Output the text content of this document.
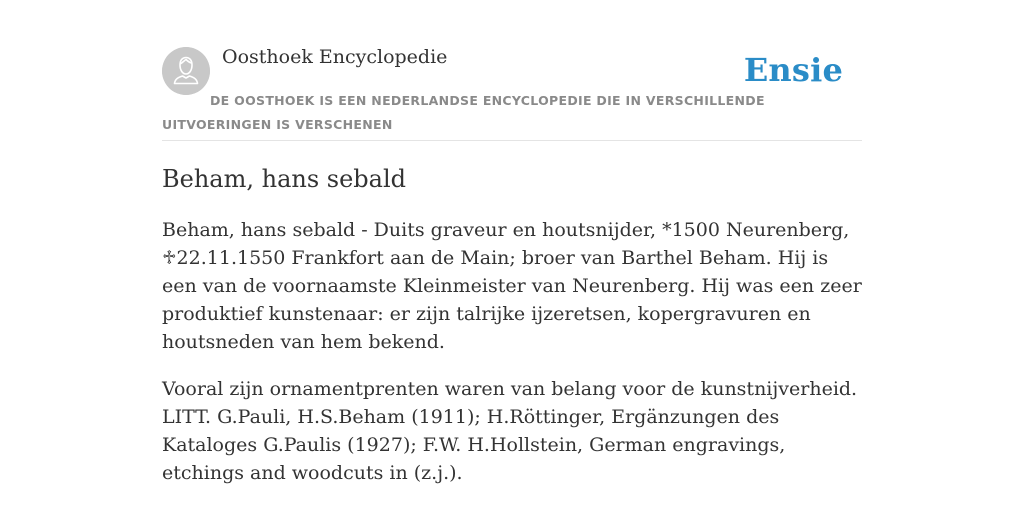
Oosthoek Encyclopedie	Ensie
DE OOSTHOEK IS EEN NEDERLANDSE ENCYCLOPEDIE DIE IN VERSCHILLENDE UITVOERINGEN IS VERSCHENEN
Beham, hans sebald

Beham, hans sebald - Duits graveur en houtsnijder, *1500 Neurenberg, ♱22.11.1550 Frankfort aan de Main; broer van Barthel Beham. Hij is een van de voornaamste Kleinmeister van Neurenberg. Hij was een zeer produktief kunstenaar: er zijn talrijke ijzeretsen, kopergravuren en houtsneden van hem bekend.

Vooral zijn ornamentprenten waren van belang voor de kunstnijverheid. LITT. G.Pauli, H.S.Beham (1911); H.Röttinger, Ergänzungen des Kataloges G.Paulis (1927); F.W. H.Hollstein, German engravings, etchings and woodcuts in (z.j.).
